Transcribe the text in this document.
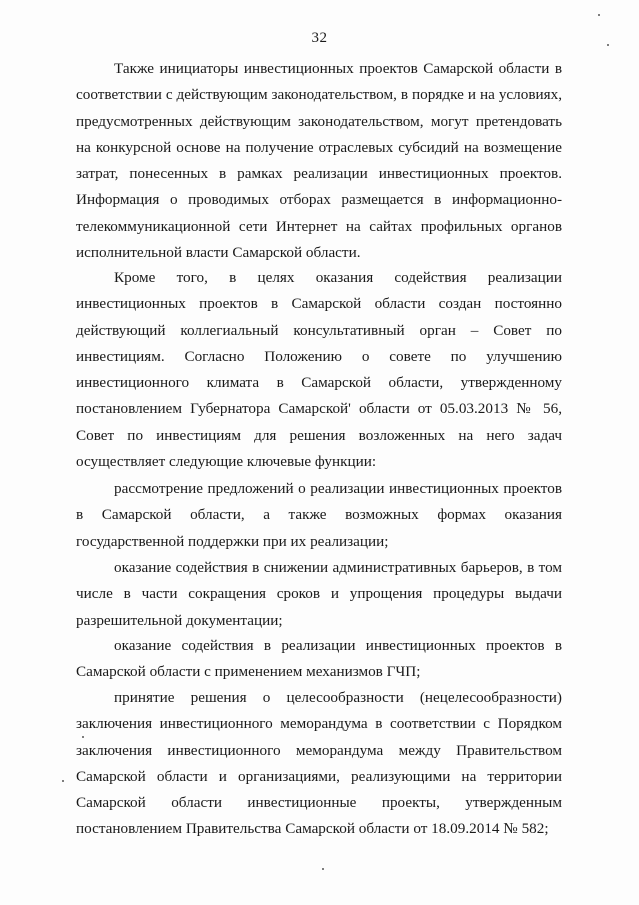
32
Также инициаторы инвестиционных проектов Самарской области в
соответствии с действующим законодательством, в порядке и на условиях,
предусмотренных действующим законодательством, могут претендовать
на конкурсной основе на получение отраслевых субсидий на возмещение
затрат, понесенных в рамках реализации инвестиционных проектов.
Информация о проводимых отборах размещается в информационно-
телекоммуникационной сети Интернет на сайтах профильных органов
исполнительной власти Самарской области.
Кроме того, в целях оказания содействия реализации
инвестиционных проектов в Самарской области создан постоянно
действующий коллегиальный консультативный орган – Совет по
инвестициям. Согласно Положению о совете по улучшению
инвестиционного климата в Самарской области, утвержденному
постановлением Губернатора Самарской' области от 05.03.2013 № 56,
Совет по инвестициям для решения возложенных на него задач
осуществляет следующие ключевые функции:
рассмотрение предложений о реализации инвестиционных проектов
в Самарской области, а также возможных формах оказания
государственной поддержки при их реализации;
оказание содействия в снижении административных барьеров, в том
числе в части сокращения сроков и упрощения процедуры выдачи
разрешительной документации;
оказание содействия в реализации инвестиционных проектов в
Самарской области с применением механизмов ГЧП;
принятие решения о целесообразности (нецелесообразности)
заключения инвестиционного меморандума в соответствии с Порядком
заключения инвестиционного меморандума между Правительством
Самарской области и организациями, реализующими на территории
Самарской области инвестиционные проекты, утвержденным
постановлением Правительства Самарской области от 18.09.2014 № 582;
